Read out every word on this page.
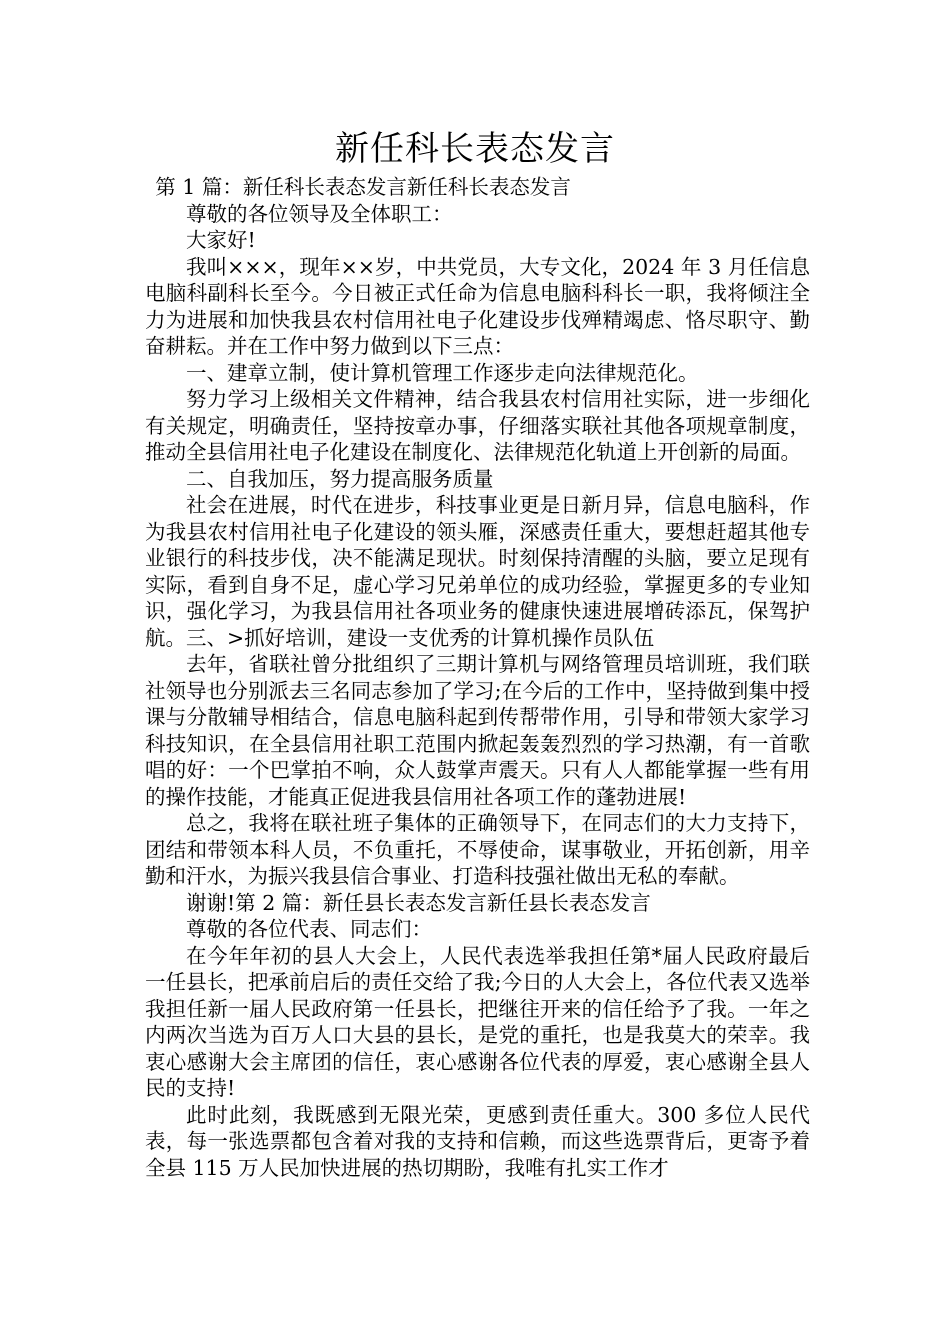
新任科长表态发言

第 1 篇：新任科长表态发言新任科长表态发言

尊敬的各位领导及全体职工：

大家好!

我叫×××，现年××岁，中共党员，大专文化，2024 年 3 月任信息电脑科副科长至今。今日被正式任命为信息电脑科科长一职，我将倾注全力为进展和加快我县农村信用社电子化建设步伐殚精竭虑、恪尽职守、勤奋耕耘。并在工作中努力做到以下三点：

一、建章立制，使计算机管理工作逐步走向法律规范化。

努力学习上级相关文件精神，结合我县农村信用社实际，进一步细化有关规定，明确责任，坚持按章办事，仔细落实联社其他各项规章制度，推动全县信用社电子化建设在制度化、法律规范化轨道上开创新的局面。

二、自我加压，努力提高服务质量

社会在进展，时代在进步，科技事业更是日新月异，信息电脑科，作为我县农村信用社电子化建设的领头雁，深感责任重大，要想赶超其他专业银行的科技步伐，决不能满足现状。时刻保持清醒的头脑，要立足现有实际，看到自身不足，虚心学习兄弟单位的成功经验，掌握更多的专业知识，强化学习，为我县信用社各项业务的健康快速进展增砖添瓦，保驾护航。三、>抓好培训，建设一支优秀的计算机操作员队伍

去年，省联社曾分批组织了三期计算机与网络管理员培训班，我们联社领导也分别派去三名同志参加了学习;在今后的工作中，坚持做到集中授课与分散辅导相结合，信息电脑科起到传帮带作用，引导和带领大家学习科技知识，在全县信用社职工范围内掀起轰轰烈烈的学习热潮，有一首歌唱的好：一个巴掌拍不响，众人鼓掌声震天。只有人人都能掌握一些有用的操作技能，才能真正促进我县信用社各项工作的蓬勃进展!

总之，我将在联社班子集体的正确领导下，在同志们的大力支持下，团结和带领本科人员，不负重托，不辱使命，谋事敬业，开拓创新，用辛勤和汗水，为振兴我县信合事业、打造科技强社做出无私的奉献。

谢谢!第 2 篇：新任县长表态发言新任县长表态发言

尊敬的各位代表、同志们：

在今年年初的县人大会上，人民代表选举我担任第*届人民政府最后一任县长，把承前启后的责任交给了我;今日的人大会上，各位代表又选举我担任新一届人民政府第一任县长，把继往开来的信任给予了我。一年之内两次当选为百万人口大县的县长，是党的重托，也是我莫大的荣幸。我衷心感谢大会主席团的信任，衷心感谢各位代表的厚爱，衷心感谢全县人民的支持!

此时此刻，我既感到无限光荣，更感到责任重大。300 多位人民代表，每一张选票都包含着对我的支持和信赖，而这些选票背后，更寄予着全县 115 万人民加快进展的热切期盼，我唯有扎实工作才
